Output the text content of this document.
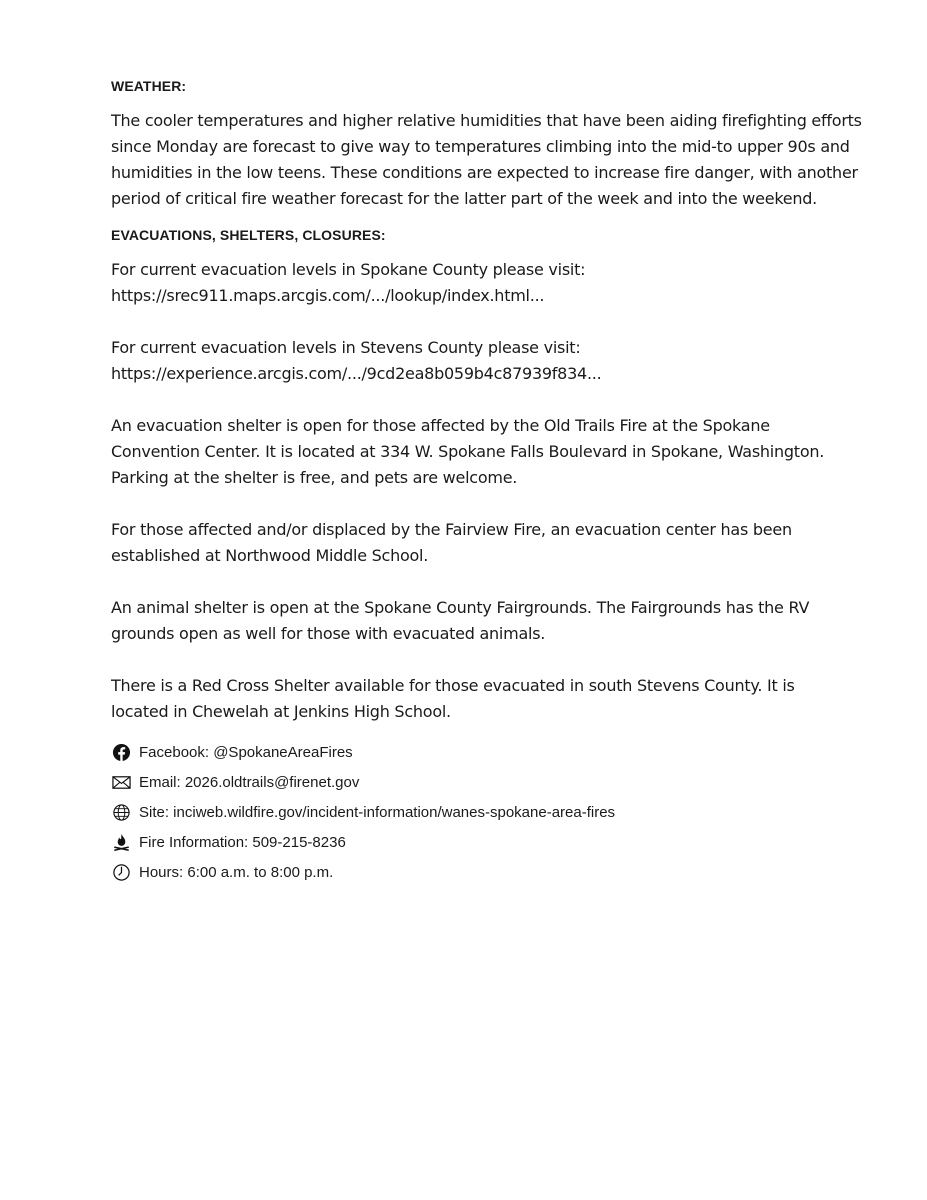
WEATHER:

The cooler temperatures and higher relative humidities that have been aiding firefighting efforts
since Monday are forecast to give way to temperatures climbing into the mid-to upper 90s and
humidities in the low teens. These conditions are expected to increase fire danger, with another
period of critical fire weather forecast for the latter part of the week and into the weekend.

EVACUATIONS, SHELTERS, CLOSURES:

For current evacuation levels in Spokane County please visit:
https://srec911.maps.arcgis.com/.../lookup/index.html...

For current evacuation levels in Stevens County please visit:
https://experience.arcgis.com/.../9cd2ea8b059b4c87939f834...

An evacuation shelter is open for those affected by the Old Trails Fire at the Spokane
Convention Center. It is located at 334 W. Spokane Falls Boulevard in Spokane, Washington.
Parking at the shelter is free, and pets are welcome.

For those affected and/or displaced by the Fairview Fire, an evacuation center has been
established at Northwood Middle School.

An animal shelter is open at the Spokane County Fairgrounds. The Fairgrounds has the RV
grounds open as well for those with evacuated animals.

There is a Red Cross Shelter available for those evacuated in south Stevens County. It is
located in Chewelah at Jenkins High School.

Facebook: @SpokaneAreaFires
Email: 2026.oldtrails@firenet.gov
Site: inciweb.wildfire.gov/incident-information/wanes-spokane-area-fires
Fire Information: 509-215-8236
Hours: 6:00 a.m. to 8:00 p.m.
